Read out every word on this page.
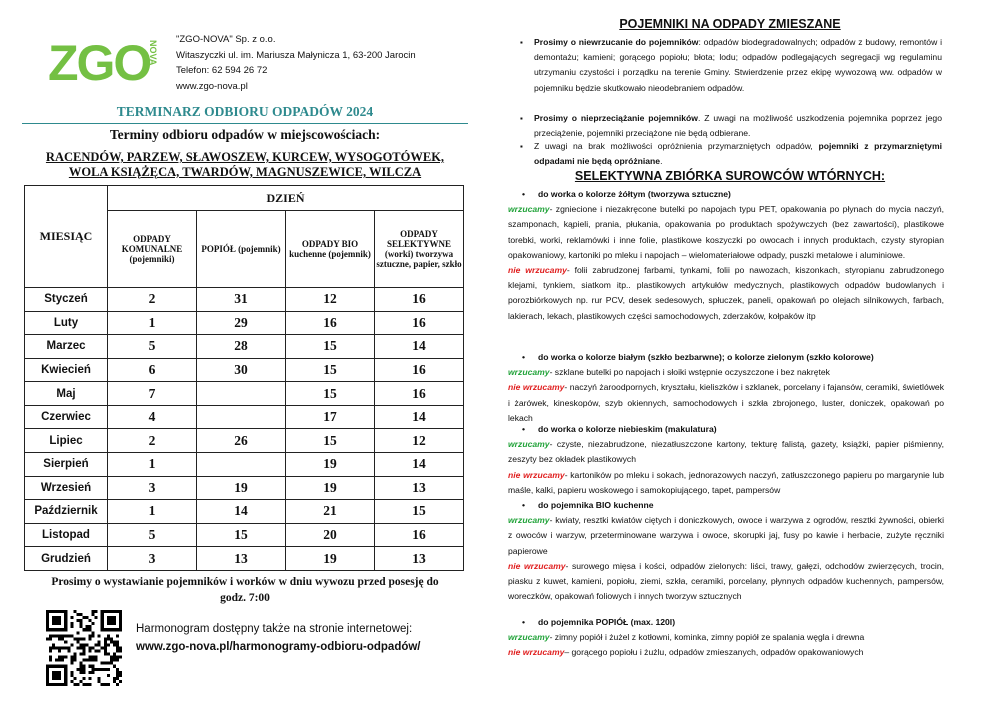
ZGO
NOVA
"ZGO-NOVA" Sp. z o.o.
Witaszyczki ul. im. Mariusza Małynicza 1, 63-200 Jarocin
Telefon: 62 594 26 72
www.zgo-nova.pl
TERMINARZ ODBIORU ODPADÓW 2024
Terminy odbioru odpadów w miejscowościach:
RACENDÓW, PARZEW, SŁAWOSZEW, KURCEW, WYSOGOTÓWEK,
WOLA KSIĄŻĘCA, TWARDÓW, MAGNUSZEWICE, WILCZA
MIESIĄC	DZIEŃ			
	ODPADY KOMUNALNE (pojemniki)	POPIÓŁ (pojemnik)	ODPADY BIO kuchenne (pojemnik)	ODPADY SELEKTYWNE (worki) tworzywa sztuczne, papier, szkło
Styczeń	2	31	12	16
Luty	1	29	16	16
Marzec	5	28	15	14
Kwiecień	6	30	15	16
Maj	7		15	16
Czerwiec	4		17	14
Lipiec	2	26	15	12
Sierpień	1		19	14
Wrzesień	3	19	19	13
Październik	1	14	21	15
Listopad	5	15	20	16
Grudzień	3	13	19	13
Prosimy o wystawianie pojemników i worków w dniu wywozu przed posesję do
godz. 7:00
Harmonogram dostępny także na stronie internetowej:
www.zgo-nova.pl/harmonogramy-odbioru-odpadów/
POJEMNIKI NA ODPADY ZMIESZANE
▪ Prosimy o niewrzucanie do pojemników: odpadów biodegradowalnych; odpadów z budowy, remontów i demontażu; kamieni; gorącego popiołu; błota; lodu; odpadów podlegających segregacji wg regulaminu utrzymaniu czystości i porządku na terenie Gminy. Stwierdzenie przez ekipę wywozową ww. odpadów w pojemniku będzie skutkowało nieodebraniem odpadów.
▪ Prosimy o nieprzeciążanie pojemników. Z uwagi na możliwość uszkodzenia pojemnika poprzez jego przeciążenie, pojemniki przeciążone nie będą odbierane.
▪ Z uwagi na brak możliwości opróżnienia przymarzniętych odpadów, pojemniki z przymarzniętymi odpadami nie będą opróżniane.
SELEKTYWNA ZBIÓRKA SUROWCÓW WTÓRNYCH:
• do worka o kolorze żółtym (tworzywa sztuczne)
wrzucamy- zgniecione i niezakręcone butelki po napojach typu PET, opakowania po płynach do mycia naczyń, szamponach, kąpieli, prania, płukania, opakowania po produktach spożywczych (bez zawartości), plastikowe torebki, worki, reklamówki i inne folie, plastikowe koszyczki po owocach i innych produktach, czysty styropian opakowaniowy, kartoniki po mleku i napojach – wielomateriałowe odpady, puszki metalowe i aluminiowe.
nie wrzucamy- folii zabrudzonej farbami, tynkami, folii po nawozach, kiszonkach, styropianu zabrudzonego klejami, tynkiem, siatkom itp.. plastikowych artykułów medycznych, plastikowych odpadów budowlanych i porozbiórkowych np. rur PCV, desek sedesowych, spłuczek, paneli, opakowań po olejach silnikowych, farbach, lakierach, lekach, plastikowych części samochodowych, zderzaków, kołpaków itp
• do worka o kolorze białym (szkło bezbarwne); o kolorze zielonym (szkło kolorowe)
wrzucamy- szklane butelki po napojach i słoiki wstępnie oczyszczone i bez nakrętek
nie wrzucamy- naczyń żaroodpornych, kryształu, kieliszków i szklanek, porcelany i fajansów, ceramiki, świetlówek i żarówek, kineskopów, szyb okiennych, samochodowych i szkła zbrojonego, luster, doniczek, opakowań po lekach
• do worka o kolorze niebieskim (makulatura)
wrzucamy- czyste, niezabrudzone, niezatłuszczone kartony, tekturę falistą, gazety, książki, papier piśmienny, zeszyty bez okładek plastikowych
nie wrzucamy- kartoników po mleku i sokach, jednorazowych naczyń, zatłuszczonego papieru po margarynie lub maśle, kalki, papieru woskowego i samokopiującego, tapet, pampersów
• do pojemnika BIO kuchenne
wrzucamy- kwiaty, resztki kwiatów ciętych i doniczkowych, owoce i warzywa z ogrodów, resztki żywności, obierki z owoców i warzyw, przeterminowane warzywa i owoce, skorupki jaj, fusy po kawie i herbacie, zużyte ręczniki papierowe
nie wrzucamy- surowego mięsa i kości, odpadów zielonych: liści, trawy, gałęzi, odchodów zwierzęcych, trocin, piasku z kuwet, kamieni, popiołu, ziemi, szkła, ceramiki, porcelany, płynnych odpadów kuchennych, pampersów, woreczków, opakowań foliowych i innych tworzyw sztucznych
• do pojemnika POPIÓŁ (max. 120l)
wrzucamy- zimny popiół i żużel z kotłowni, kominka, zimny popiół ze spalania węgla i drewna
nie wrzucamy– gorącego popiołu i żużlu, odpadów zmieszanych, odpadów opakowaniowych
